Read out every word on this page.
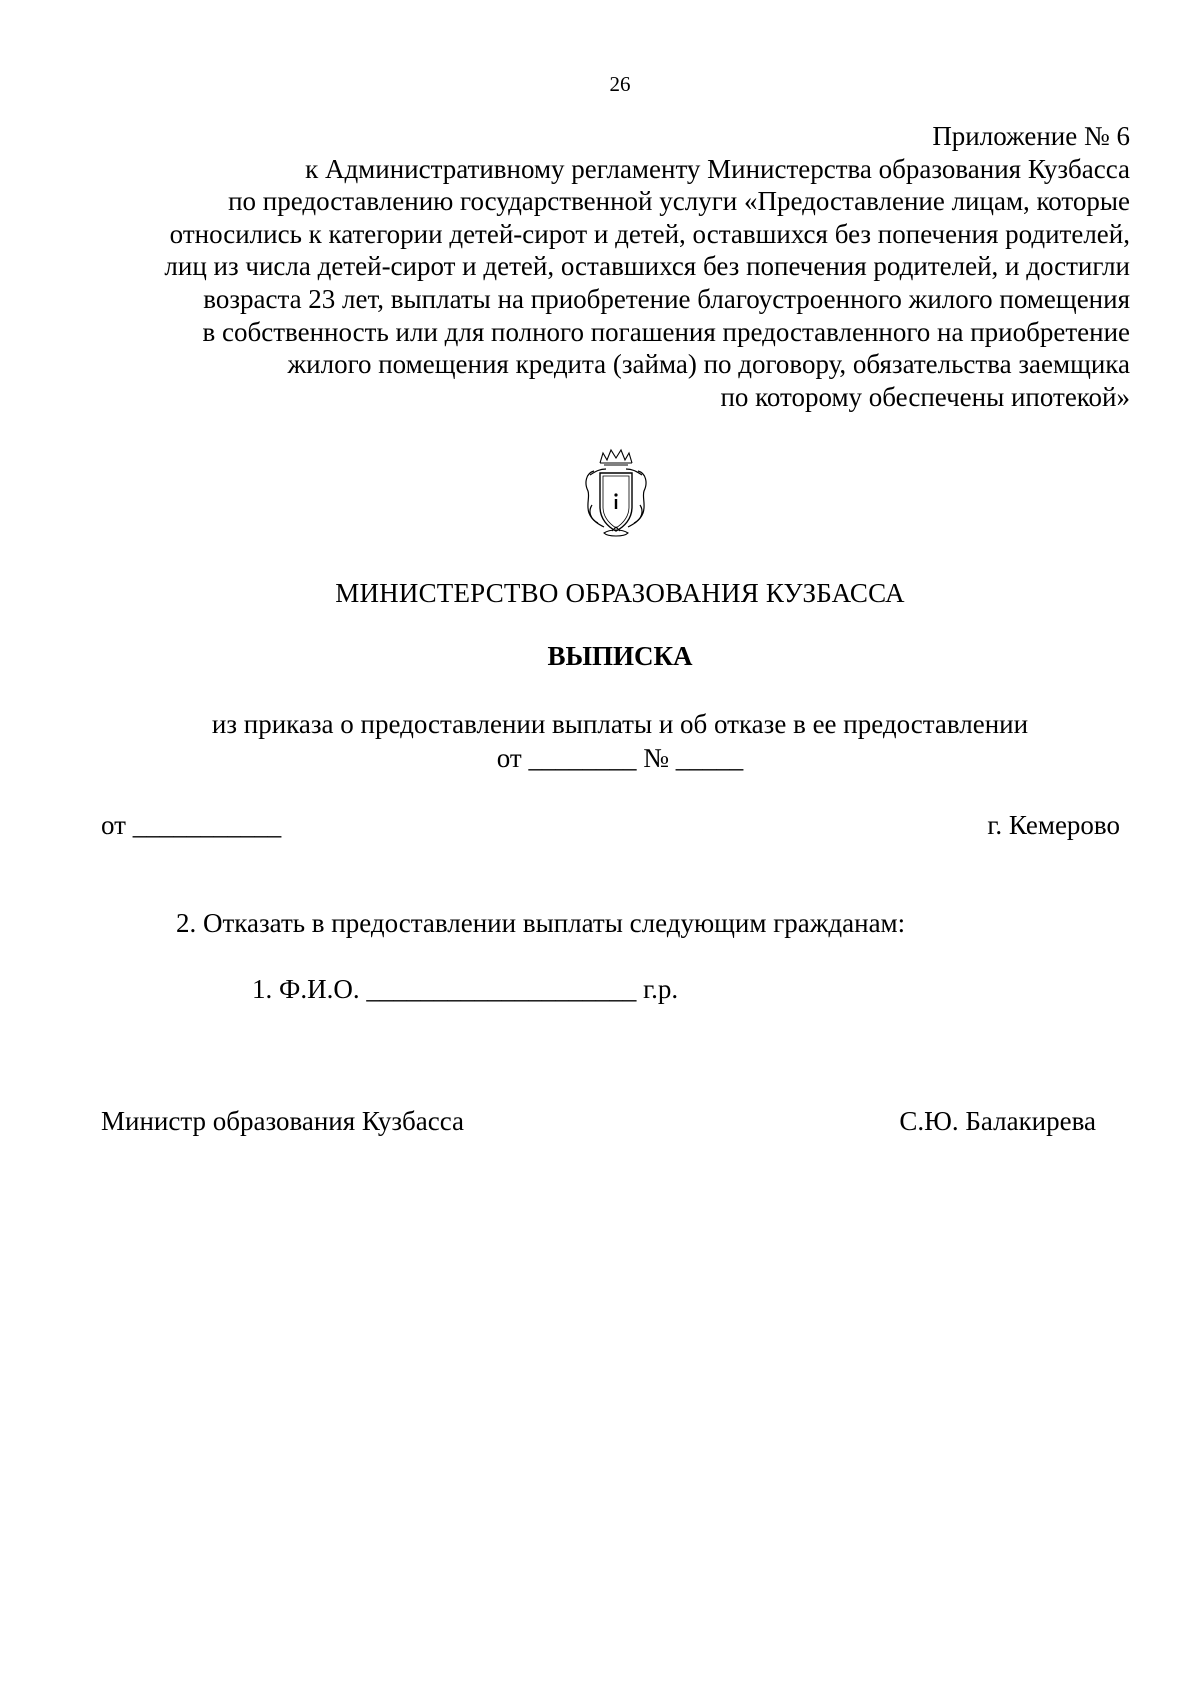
26
Приложение № 6
к Административному регламенту Министерства образования Кузбасса
по предоставлению государственной услуги «Предоставление лицам, которые
относились к категории детей-сирот и детей, оставшихся без попечения родителей,
лиц из числа детей-сирот и детей, оставшихся без попечения родителей, и достигли
возраста 23 лет, выплаты на приобретение благоустроенного жилого помещения
в собственность или для полного погашения предоставленного на приобретение
жилого помещения кредита (займа) по договору, обязательства заемщика
по которому обеспечены ипотекой»
МИНИСТЕРСТВО ОБРАЗОВАНИЯ КУЗБАССА
ВЫПИСКА
из приказа о предоставлении выплаты и об отказе в ее предоставлении
от ________ № _____
от ___________	г. Кемерово
2. Отказать в предоставлении выплаты следующим гражданам:
1. Ф.И.О. ____________________ г.р.
Министр образования Кузбасса	С.Ю. Балакирева
